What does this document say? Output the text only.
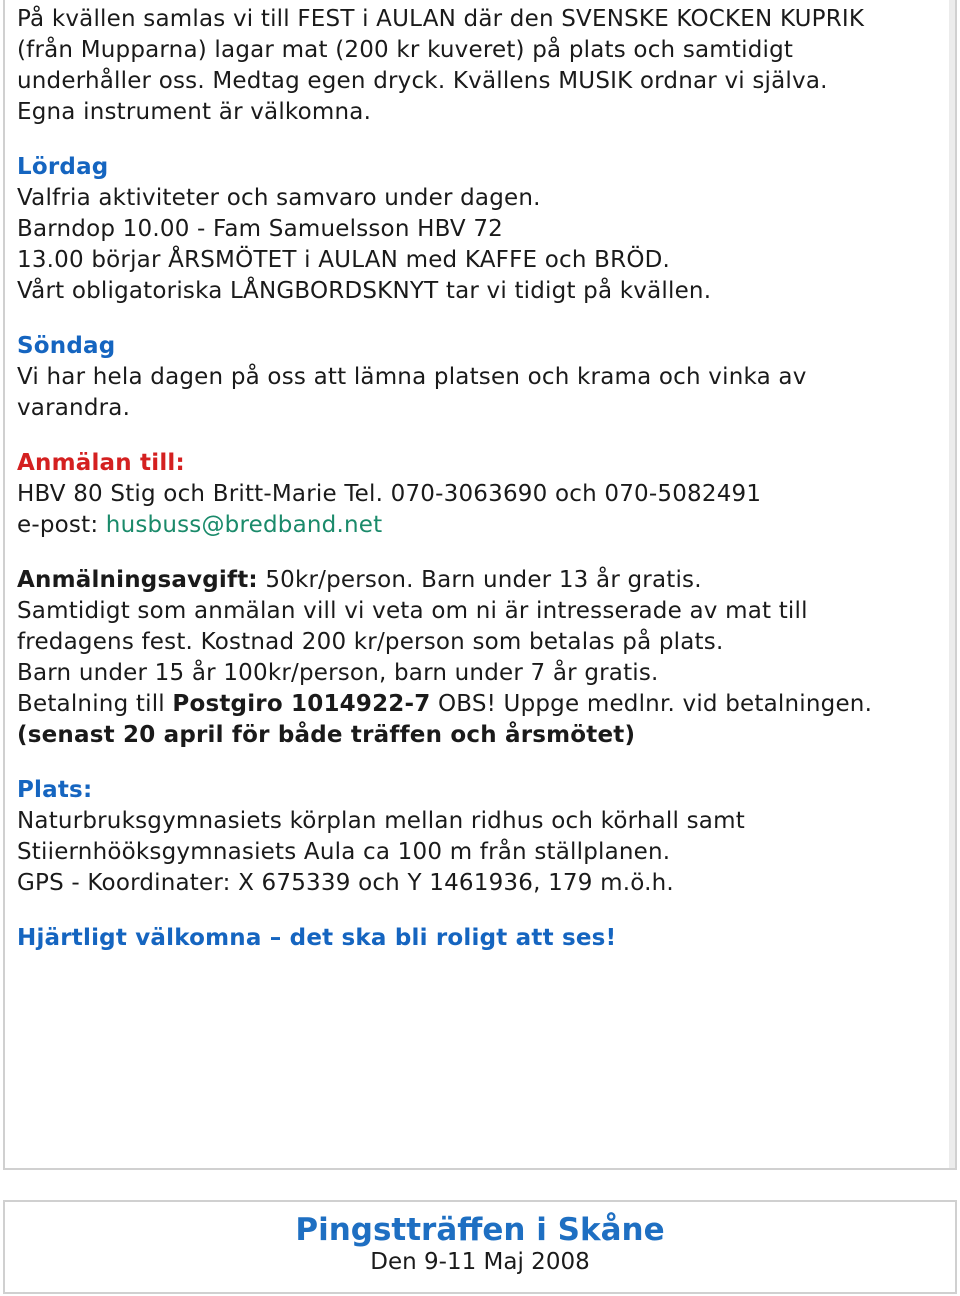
På kvällen samlas vi till FEST i AULAN där den SVENSKE KOCKEN KUPRIK

(från Mupparna) lagar mat (200 kr kuveret) på plats och samtidigt

underhåller oss. Medtag egen dryck. Kvällens MUSIK ordnar vi själva.

Egna instrument är välkomna.

Lördag

Valfria aktiviteter och samvaro under dagen.

Barndop 10.00 - Fam Samuelsson HBV 72

13.00 börjar ÅRSMÖTET i AULAN med KAFFE och BRÖD.

Vårt obligatoriska LÅNGBORDSKNYT tar vi tidigt på kvällen.

Söndag

Vi har hela dagen på oss att lämna platsen och krama och vinka av

varandra.

Anmälan till:

HBV 80 Stig och Britt-Marie Tel. 070-3063690 och 070-5082491

e-post: husbuss@bredband.net

Anmälningsavgift: 50kr/person. Barn under 13 år gratis.

Samtidigt som anmälan vill vi veta om ni är intresserade av mat till

fredagens fest. Kostnad 200 kr/person som betalas på plats.

Barn under 15 år 100kr/person, barn under 7 år gratis.

Betalning till Postgiro 1014922-7 OBS! Uppge medlnr. vid betalningen.

(senast 20 april för både träffen och årsmötet)

Plats:

Naturbruksgymnasiets körplan mellan ridhus och körhall samt

Stiiernhööksgymnasiets Aula ca 100 m från ställplanen.

GPS - Koordinater: X 675339 och Y 1461936, 179 m.ö.h.

Hjärtligt välkomna – det ska bli roligt att ses!

Pingstträffen i Skåne
Den 9-11 Maj 2008
